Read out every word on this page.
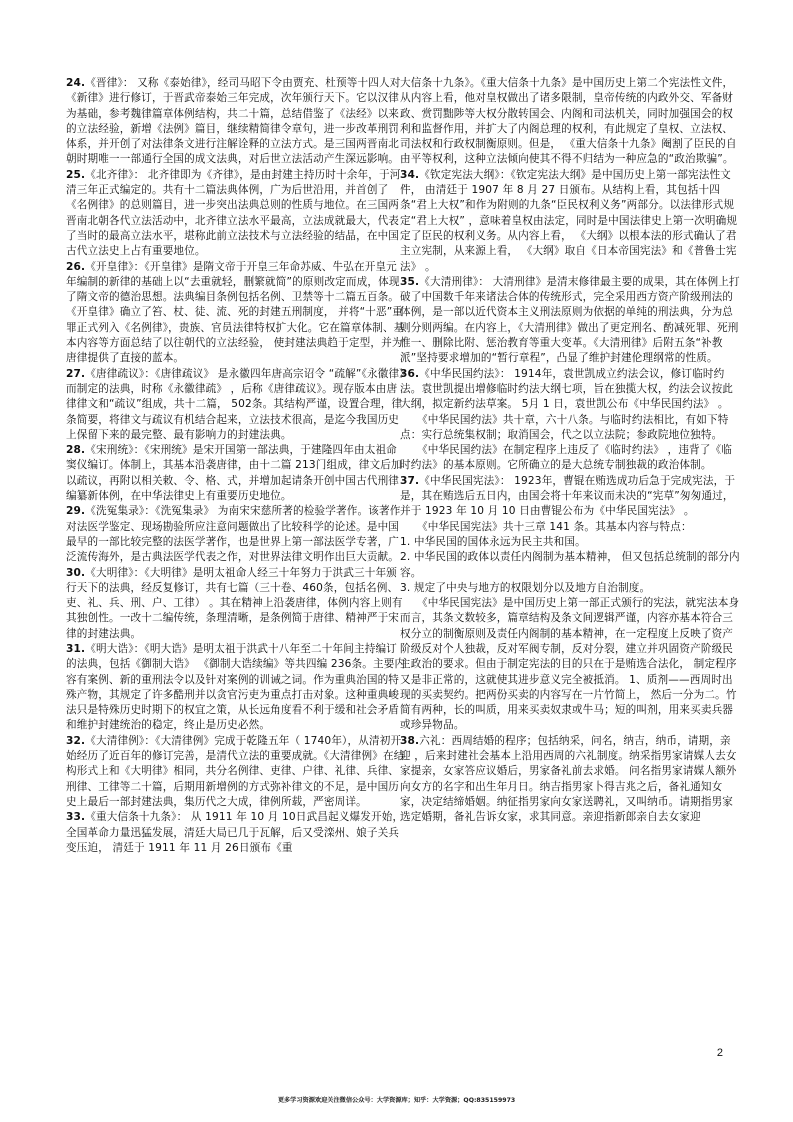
24.《晋律》： 又称《泰始律》，经司马昭下令由贾充、杜预等十四人对《新律》进行修订，于晋武帝泰始三年完成，次年颁行天下。它以汉律为基础，参考魏律篇章体例结构，共二十篇，总结借鉴了《法经》以来的立法经验，新增《法例》篇目，继续精简律令章句，进一步改革刑罚体系，并开创了对法律条文进行注解诠释的立法方式。是三国两晋南北朝时期唯一一部通行全国的成文法典，对后世立法活动产生深远影响。

25.《北齐律》： 北齐律即为《齐律》，是由封建主持历时十余年，于河清三年正式编定的。共有十二篇法典体例，广为后世沿用，并首创了《名例律》的总则篇目，进一步突出法典总则的性质与地位。在三国两晋南北朝各代立法活动中，北齐律立法水平最高，立法成就最大，代表了当时的最高立法水平，堪称此前立法技术与立法经验的结晶，在中国古代立法史上占有重要地位。

26.《开皇律》：《开皇律》是隋文帝于开皇三年命苏威、牛弘在开皇元年编制的新律的基础上以“去重就轻，删繁就简”的原则改定而成，体现了隋文帝的德治思想。法典编目条例包括名例、卫禁等十二篇五百条。 《开皇律》确立了笞、杖、徒、流、死的封建五刑制度， 并将“十恶”重罪正式列入《名例律》，贵族、官员法律特权扩大化。它在篇章体制、基本内容等方面总结了以往朝代的立法经验， 使封建法典趋于定型，并为唐律提供了直接的蓝本。

27.《唐律疏议》：《唐律疏议》 是永徽四年唐高宗诏令 “疏解”《永徽律》而制定的法典，时称《永徽律疏》 ，后称《唐律疏议》。现存版本由唐律律文和“疏议”组成，共十二篇， 502条。其结构严谨，设置合理，律条简要，将律文与疏议有机结合起来，立法技术很高，是迄今我国历史上保留下来的最完整、最有影响力的封建法典。

28.《宋刑统》：《宋刑统》是宋开国第一部法典，于建隆四年由太祖命窦仪编订。体制上，其基本沿袭唐律，由十二篇 213门组成，律文后加以疏议，再附以相关敕、令、格、式，并增加起请条开创中国古代刑律编纂新体例，在中华法律史上有重要历史地位。

29.《洗冤集录》：《洗冤集录》 为南宋宋慈所著的检验学著作。该著作对法医学鉴定、现场勘验所应注意问题做出了比较科学的论述。是中国最早的一部比较完整的法医学著作，也是世界上第一部法医学专著，广泛流传海外，是古典法医学代表之作，对世界法律文明作出巨大贡献。

30.《大明律》：《大明律》是明太祖命人经三十年努力于洪武三十年颁行天下的法典，经反复修订，共有七篇（三十卷、460条，包括名例、吏、礼、兵、刑、户、工律） 。其在精神上沿袭唐律，体例内容上则有其独创性。一改十二编传统，条理清晰，是条例简于唐律、精神严于宋律的封建法典。

31.《明大诰》：《明大诰》是明太祖于洪武十八年至二十年间主持编订的法典，包括《御制大诰》 《御制大诰续编》等共四编 236条。主要内容有案例、新的重刑法令以及针对案例的训诫之词。作为重典治国的特殊产物，其规定了许多酷刑并以贪官污吏为重点打击对象。这种重典峻法只是特殊历史时期下的权宜之策，从长远角度看不利于缓和社会矛盾和维护封建统治的稳定，终止是历史必然。

32.《大清律例》：《大清律例》完成于乾隆五年（ 1740年），从清初开始经历了近百年的修订完善，是清代立法的重要成就。《大清律例》在结构形式上和《大明律》相同，共分名例律、吏律、户律、礼律、兵律、刑律、工律等二十篇，后期用新增例的方式弥补律文的不足，是中国历史上最后一部封建法典，集历代之大成，律例所载，严密周详。

33.《重大信条十九条》： 从 1911 年 10 月 10日武昌起义爆发开始，全国革命力量迅猛发展，清廷大局已几于瓦解，后又受滦州、娘子关兵变压迫， 清廷于 1911 年 11 月 26日颁布《重

大信条十九条》。《重大信条十九条》是中国历史上第二个宪法性文件，从内容上看，他对皇权做出了诸多限制，皇帝传统的内政外交、军备财政、赏罚黜陟等大权分散转国会、内阁和司法机关，同时加强国会的权利和监督作用，并扩大了内阁总理的权利，有此规定了皇权、立法权、司法权和行政权制衡原则。但是， 《重大信条十九条》阉割了臣民的自由平等权利，这种立法倾向使其不得不归结为一种应急的“政治欺骗”。

34.《钦定宪法大纲》：《钦定宪法大纲》是中国历史上第一部宪法性文件， 由清廷于 1907 年 8 月 27 日颁布。从结构上看，其包括十四条“君上大权”和作为附则的九条“臣民权利义务”两部分。以法律形式规定“君上大权” ，意味着皇权由法定，同时是中国法律史上第一次明确规定了臣民的权利义务。从内容上看， 《大纲》以根本法的形式确认了君主立宪制，从来源上看， 《大纲》取自《日本帝国宪法》和《普鲁士宪法》 。

35.《大清刑律》： 大清刑律》是清末修律最主要的成果，其在体例上打破了中国数千年来诸法合体的传统形式，完全采用西方资产阶级刑法的体例，是一部以近代资本主义刑法原则为依据的单纯的刑法典，分为总则分则两编。在内容上，《大清刑律》做出了更定刑名、酌减死罪、死刑惟一、删除比附、惩治教育等重大变革。《大清刑律》后附五条“补教派”坚持要求增加的“暂行章程”，凸显了维护封建伦理纲常的性质。

36.《中华民国约法》： 1914年，袁世凯成立约法会议，修订临时约法。袁世凯提出增修临时约法大纲七项，旨在独揽大权，约法会议按此大纲，拟定新约法草案。 5月 1 日，袁世凯公布《中华民国约法》 。

《中华民国约法》共十章，六十八条。与临时约法相比，有如下特点：实行总统集权制；取消国会，代之以立法院；参政院地位独特。

《中华民国约法》在制定程序上违反了《临时约法》 ，违背了《临时约法》的基本原则。它所确立的是大总统专制独裁的政治体制。

37.《中华民国宪法》： 1923年，曹锟在贿选成功后急于完成宪法，于是，其在贿选后五日内，由国会将十年来议而未决的“宪草”匆匆通过，并于 1923 年 10 月 10 日由曹锟公布为《中华民国宪法》 。

《中华民国宪法》共十三章 141 条。其基本内容与特点：

1. 中华民国的国体永远为民主共和国。

2. 中华民国的政体以责任内阁制为基本精神， 但又包括总统制的部分内容。

3. 规定了中央与地方的权限划分以及地方自治制度。

《中华民国宪法》是中国历史上第一部正式颁行的宪法，就宪法本身而言，其条文数较多，篇章结构及条文间逻辑严谨，内容亦基本符合三权分立的制衡原则及责任内阁制的基本精神，在一定程度上反映了资产阶级反对个人独裁，反对军阀专制，反对分裂，建立并巩固资产阶级民主政治的要求。但由于制定宪法的目的只在于是贿选合法化， 制定程序又是非正常的，这就使其进步意义完全被抵消。 1、质剂——西周时出现的买卖契约。把两份买卖的内容写在一片竹简上， 然后一分为二。竹简有两种，长的叫质，用来买卖奴隶或牛马；短的叫剂，用来买卖兵器或珍异物品。

38.六礼：西周结婚的程序；包括纳采，问名，纳吉，纳币，请期，亲迎 ，后来封建社会基本上沿用西周的六礼制度。纳采指男家请媒人去女家提亲，女家答应议婚后，男家备礼前去求婚。 问名指男家请媒人额外向女方的名字和出生年月日。纳吉指男家卜得吉兆之后，备礼通知女家，决定结缔婚姻。纳征指男家向女家送聘礼，又叫纳币。请期指男家选定婚期，备礼告诉女家，求其同意。亲迎指新郎亲自去女家迎

2
更多学习资源欢迎关注微信公众号：大学资源库；知乎：大学资源；QQ:835159973
